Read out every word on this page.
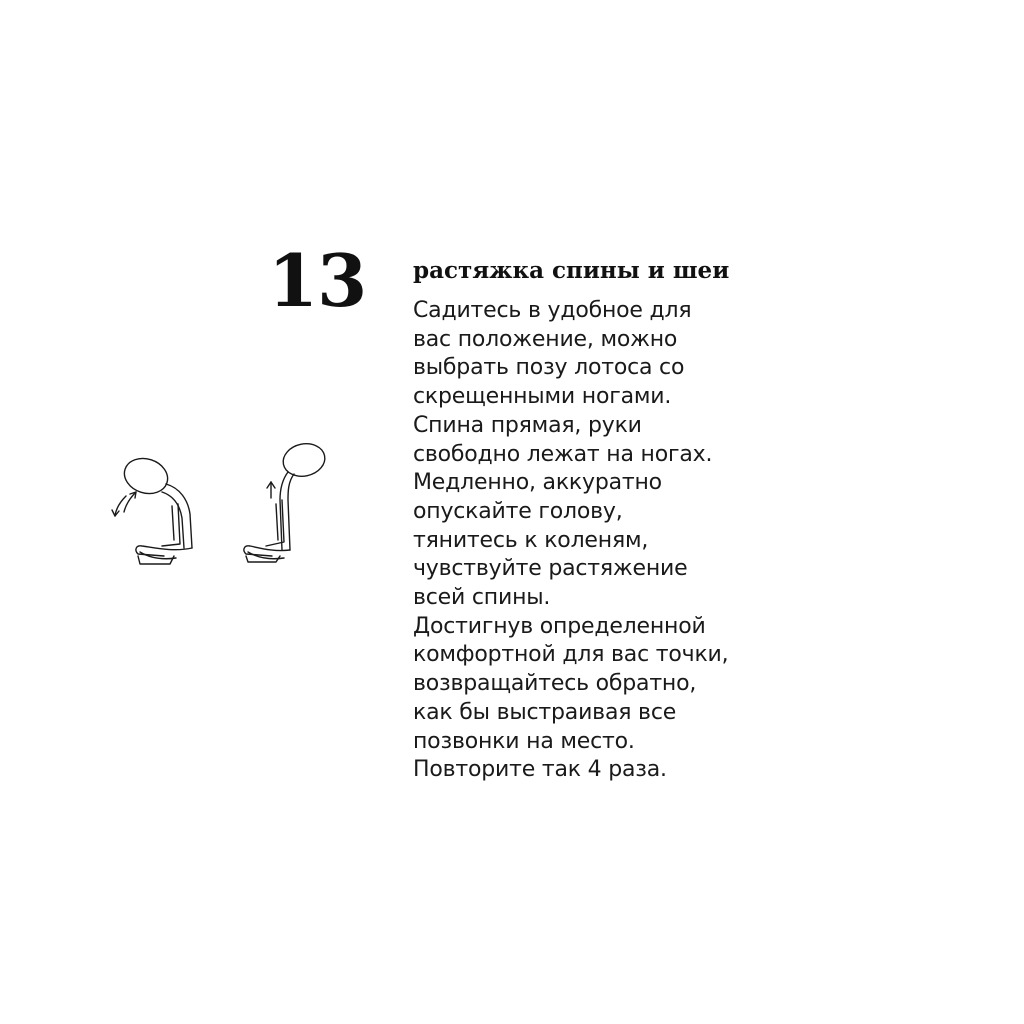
13 растяжка спины и шеи
Садитесь в удобное для
вас положение, можно
выбрать позу лотоса со
скрещенными ногами.
Спина прямая, руки
свободно лежат на ногах.
Медленно, аккуратно
опускайте голову,
тянитесь к коленям,
чувствуйте растяжение
всей спины.
Достигнув определенной
комфортной для вас точки,
возвращайтесь обратно,
как бы выстраивая все
позвонки на место.
Повторите так 4 раза.
